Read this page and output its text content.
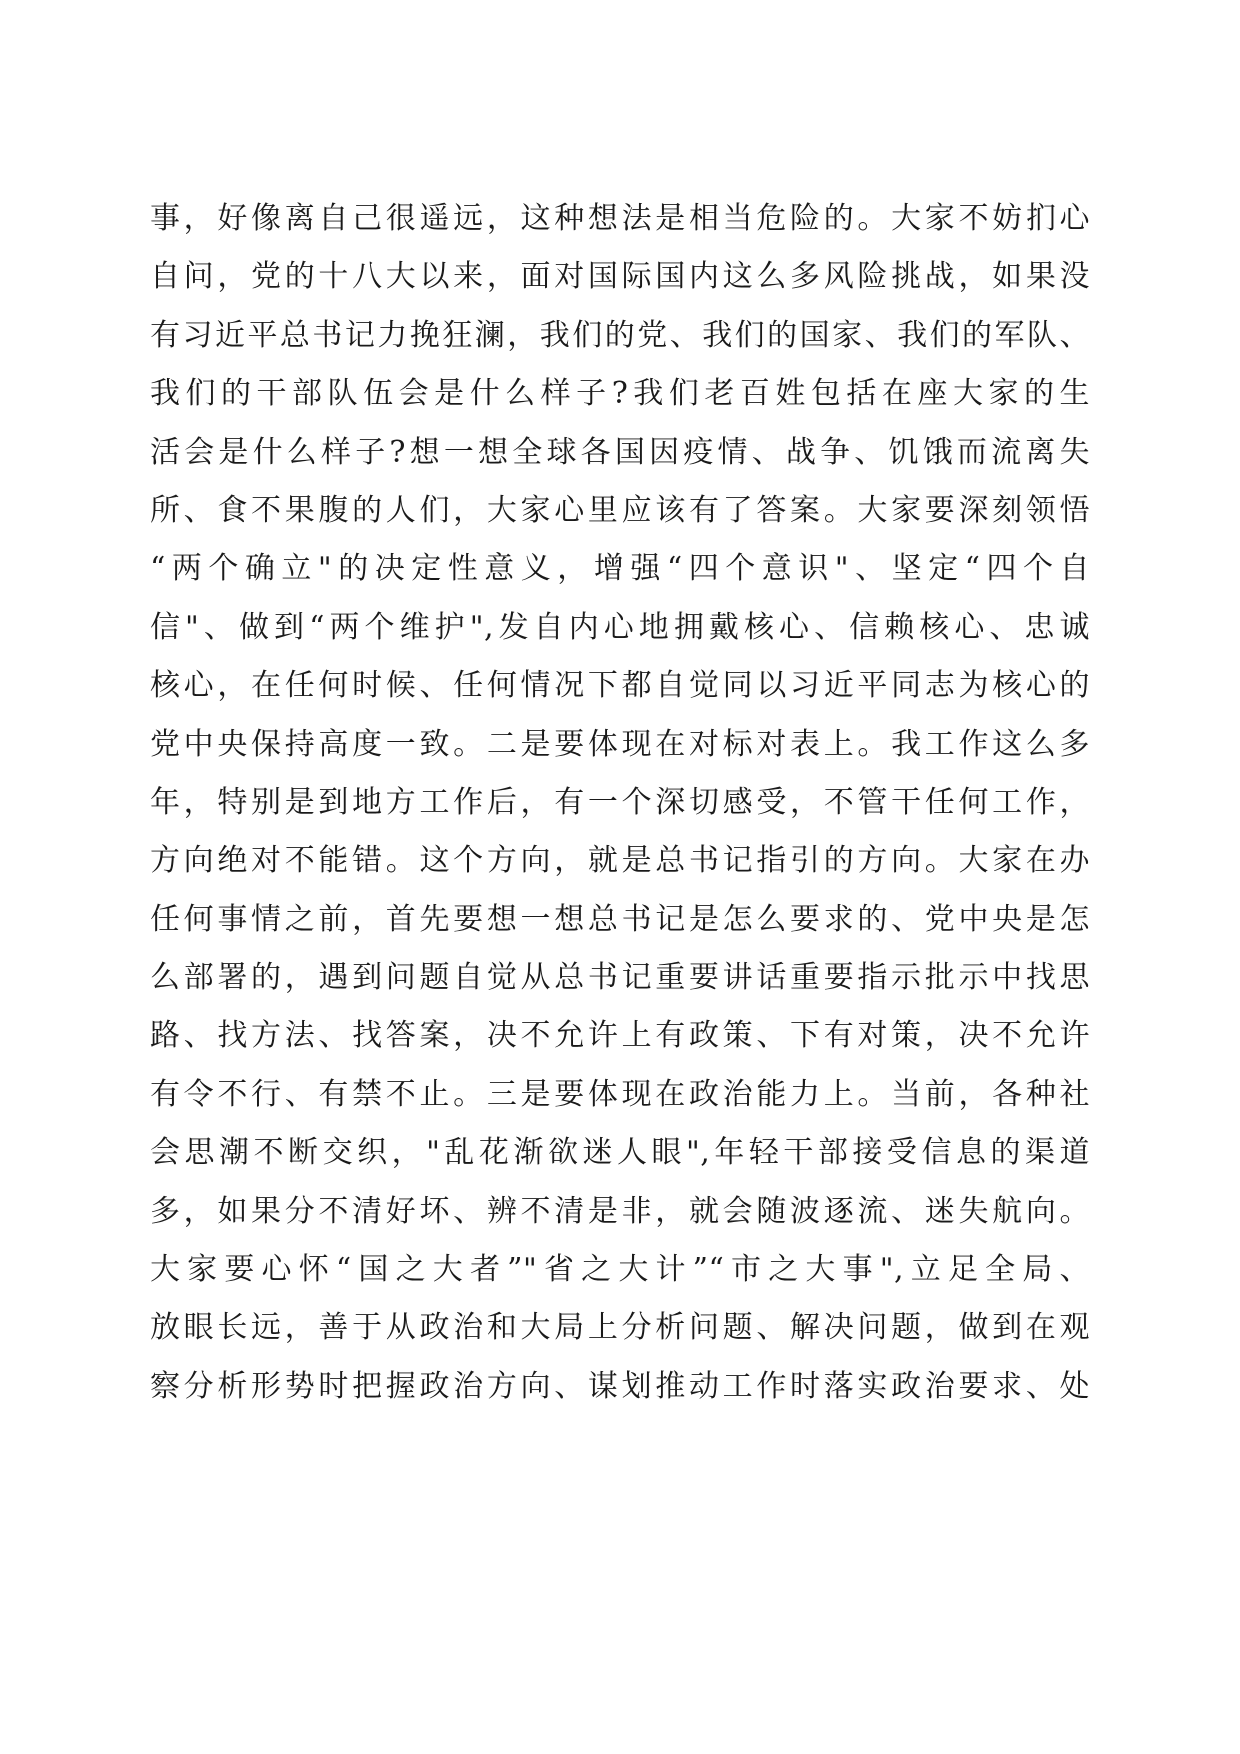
事，好像离自己很遥远，这种想法是相当危险的。大家不妨扪心
自问，党的十八大以来，面对国际国内这么多风险挑战，如果没
有习近平总书记力挽狂澜，我们的党、我们的国家、我们的军队、
我们的干部队伍会是什么样子?我们老百姓包括在座大家的生
活会是什么样子?想一想全球各国因疫情、战争、饥饿而流离失
所、食不果腹的人们，大家心里应该有了答案。大家要深刻领悟
“两个确立"的决定性意义，增强“四个意识"、坚定“四个自
信"、做到“两个维护",发自内心地拥戴核心、信赖核心、忠诚
核心，在任何时候、任何情况下都自觉同以习近平同志为核心的
党中央保持高度一致。二是要体现在对标对表上。我工作这么多
年，特别是到地方工作后，有一个深切感受，不管干任何工作，
方向绝对不能错。这个方向，就是总书记指引的方向。大家在办
任何事情之前，首先要想一想总书记是怎么要求的、党中央是怎
么部署的，遇到问题自觉从总书记重要讲话重要指示批示中找思
路、找方法、找答案，决不允许上有政策、下有对策，决不允许
有令不行、有禁不止。三是要体现在政治能力上。当前，各种社
会思潮不断交织，"乱花渐欲迷人眼",年轻干部接受信息的渠道
多，如果分不清好坏、辨不清是非，就会随波逐流、迷失航向。
大家要心怀“国之大者”"省之大计”“市之大事",立足全局、
放眼长远，善于从政治和大局上分析问题、解决问题，做到在观
察分析形势时把握政治方向、谋划推动工作时落实政治要求、处
